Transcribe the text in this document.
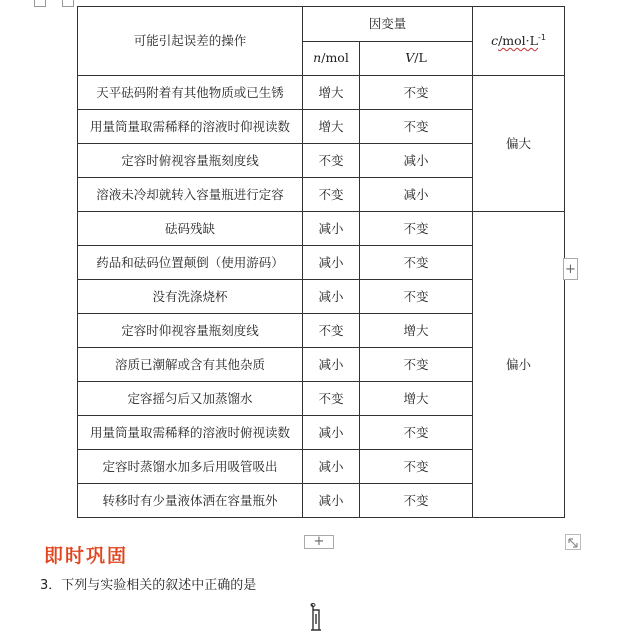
可能引起误差的操作	因变量		$c/mol\cdot L^{-1}$
	n/mol	V/L	
天平砝码附着有其他物质或已生锈	增大	不变	偏大
用量筒量取需稀释的溶液时仰视读数	增大	不变	
定容时俯视容量瓶刻度线	不变	减小	
溶液未冷却就转入容量瓶进行定容	不变	减小	
砝码残缺	减小	不变	偏小
药品和砝码位置颠倒（使用游码）	减小	不变	
没有洗涤烧杯	减小	不变	
定容时仰视容量瓶刻度线	不变	增大	
溶质已潮解或含有其他杂质	减小	不变	
定容摇匀后又加蒸馏水	不变	增大	
用量筒量取需稀释的溶液时俯视读数	减小	不变	
定容时蒸馏水加多后用吸管吸出	减小	不变	
转移时有少量液体洒在容量瓶外	减小	不变	
+
+
即时巩固
3．下列与实验相关的叙述中正确的是
